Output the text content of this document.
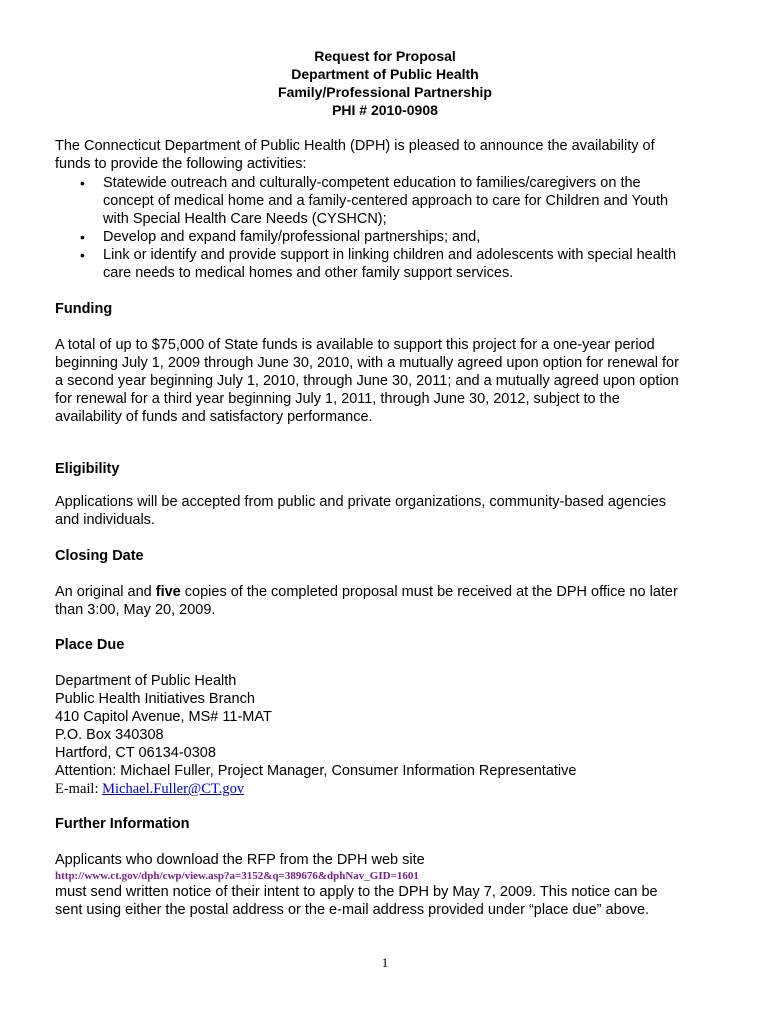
Request for Proposal
Department of Public Health
Family/Professional Partnership
PHI # 2010-0908
The Connecticut Department of Public Health (DPH) is pleased to announce the availability of
funds to provide the following activities:
• Statewide outreach and culturally-competent education to families/caregivers on the
concept of medical home and a family-centered approach to care for Children and Youth
with Special Health Care Needs (CYSHCN);
• Develop and expand family/professional partnerships; and,
• Link or identify and provide support in linking children and adolescents with special health
care needs to medical homes and other family support services.
Funding
A total of up to $75,000 of State funds is available to support this project for a one-year period
beginning July 1, 2009 through June 30, 2010, with a mutually agreed upon option for renewal for
a second year beginning July 1, 2010, through June 30, 2011; and a mutually agreed upon option
for renewal for a third year beginning July 1, 2011, through June 30, 2012, subject to the
availability of funds and satisfactory performance.
Eligibility
Applications will be accepted from public and private organizations, community-based agencies
and individuals.
Closing Date
An original and five copies of the completed proposal must be received at the DPH office no later
than 3:00, May 20, 2009.
Place Due
Department of Public Health
Public Health Initiatives Branch
410 Capitol Avenue, MS# 11-MAT
P.O. Box 340308
Hartford, CT 06134-0308
Attention: Michael Fuller, Project Manager, Consumer Information Representative
E-mail: Michael.Fuller@CT.gov
Further Information
Applicants who download the RFP from the DPH web site
http://www.ct.gov/dph/cwp/view.asp?a=3152&q=389676&dphNav_GID=1601
must send written notice of their intent to apply to the DPH by May 7, 2009. This notice can be
sent using either the postal address or the e-mail address provided under “place due” above.
1
